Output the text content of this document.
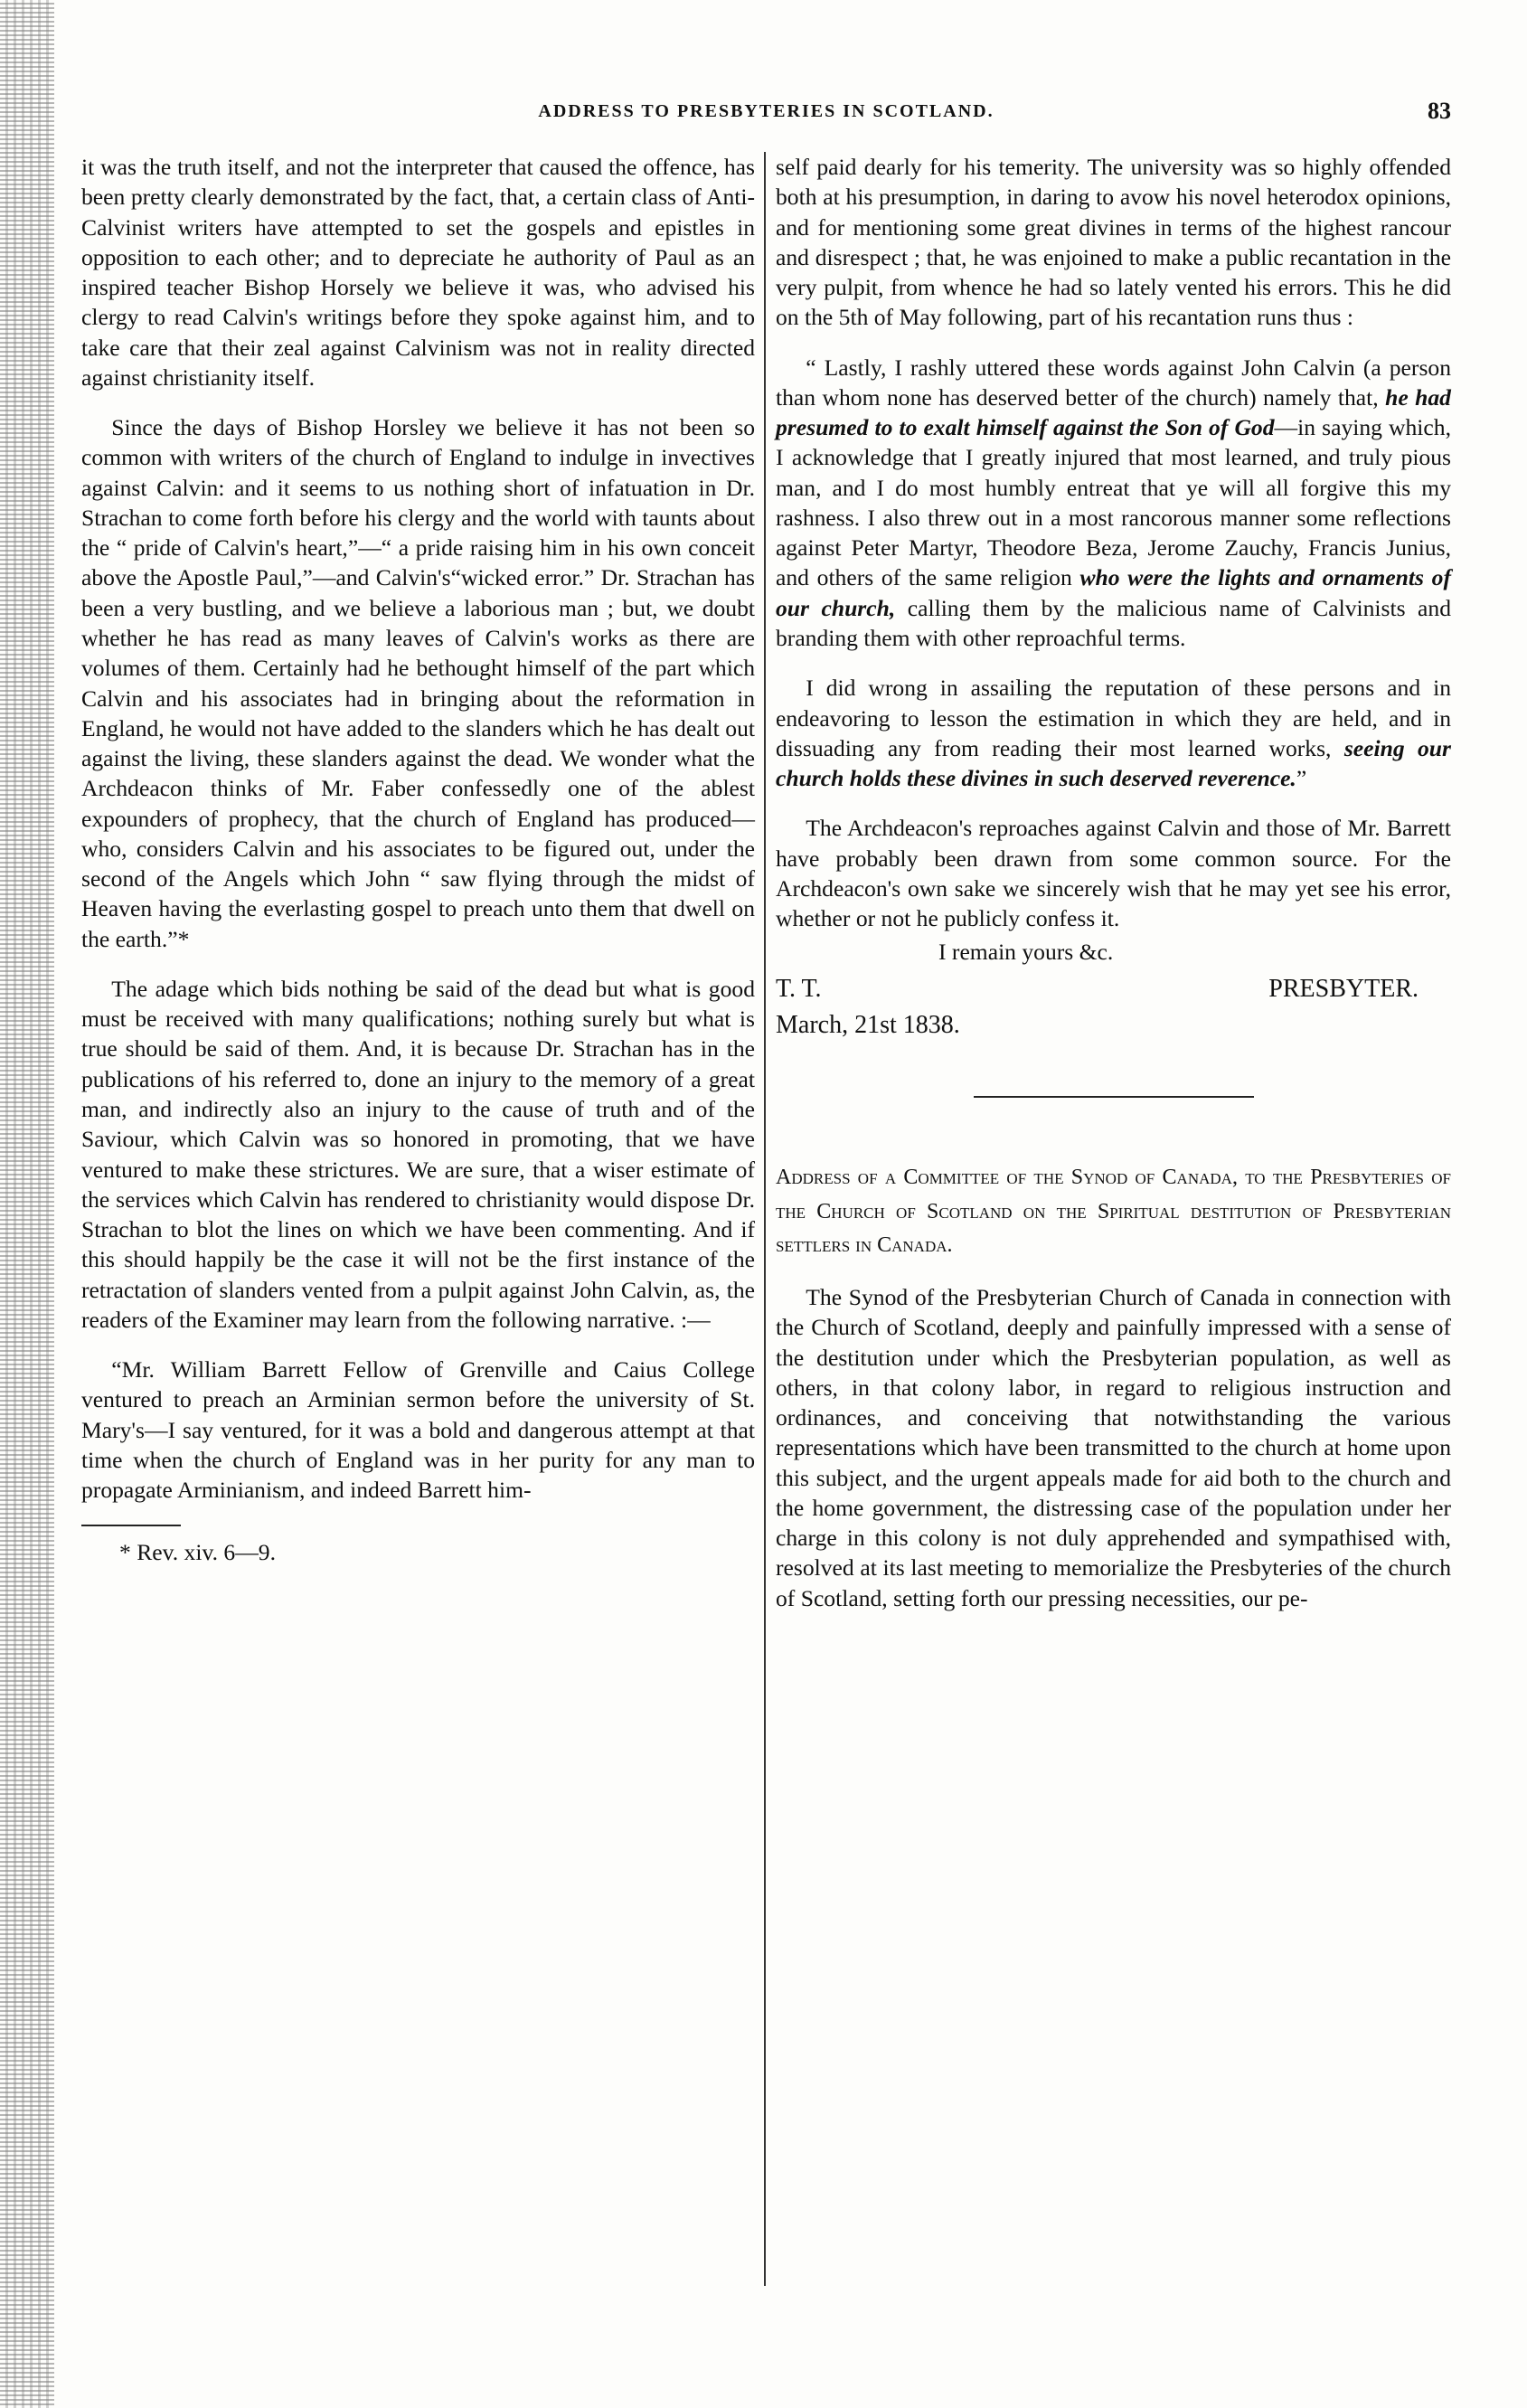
ADDRESS TO PRESBYTERIES IN SCOTLAND.	83

it was the truth itself, and not the interpreter that caused the offence, has been pretty clearly demonstrated by the fact, that, a certain class of Anti-Calvinist writers have attempted to set the gospels and epistles in opposition to each other; and to depreciate he authority of Paul as an inspired teacher Bishop Horsely we believe it was, who advised his clergy to read Calvin's writings before they spoke against him, and to take care that their zeal against Calvinism was not in reality directed against christianity itself.

Since the days of Bishop Horsley we believe it has not been so common with writers of the church of England to indulge in invectives against Calvin: and it seems to us nothing short of infatuation in Dr. Strachan to come forth before his clergy and the world with taunts about the “ pride of Calvin's heart,”—“ a pride raising him in his own conceit above the Apostle Paul,”—and Calvin's“wicked error.” Dr. Strachan has been a very bustling, and we believe a laborious man ; but, we doubt whether he has read as many leaves of Calvin's works as there are volumes of them. Certainly had he bethought himself of the part which Calvin and his associates had in bringing about the reformation in England, he would not have added to the slanders which he has dealt out against the living, these slanders against the dead. We wonder what the Archdeacon thinks of Mr. Faber confessedly one of the ablest expounders of prophecy, that the church of England has produced—who, considers Calvin and his associates to be figured out, under the second of the Angels which John “ saw flying through the midst of Heaven having the everlasting gospel to preach unto them that dwell on the earth.”*

The adage which bids nothing be said of the dead but what is good must be received with many qualifications; nothing surely but what is true should be said of them. And, it is because Dr. Strachan has in the publications of his referred to, done an injury to the memory of a great man, and indirectly also an injury to the cause of truth and of the Saviour, which Calvin was so honored in promoting, that we have ventured to make these strictures. We are sure, that a wiser estimate of the services which Calvin has rendered to christianity would dispose Dr. Strachan to blot the lines on which we have been commenting. And if this should happily be the case it will not be the first instance of the retractation of slanders vented from a pulpit against John Calvin, as, the readers of the Examiner may learn from the following narrative. :—

“Mr. William Barrett Fellow of Grenville and Caius College ventured to preach an Arminian sermon before the university of St. Mary's—I say ventured, for it was a bold and dangerous attempt at that time when the church of England was in her purity for any man to propagate Arminianism, and indeed Barrett him-

* Rev. xiv. 6—9.

self paid dearly for his temerity. The university was so highly offended both at his presumption, in daring to avow his novel heterodox opinions, and for mentioning some great divines in terms of the highest rancour and disrespect ; that, he was enjoined to make a public recantation in the very pulpit, from whence he had so lately vented his errors. This he did on the 5th of May following, part of his recantation runs thus :

“ Lastly, I rashly uttered these words against John Calvin (a person than whom none has deserved better of the church) namely that, he had presumed to to exalt himself against the Son of God—in saying which, I acknowledge that I greatly injured that most learned, and truly pious man, and I do most humbly entreat that ye will all forgive this my rashness. I also threw out in a most rancorous manner some reflections against Peter Martyr, Theodore Beza, Jerome Zauchy, Francis Junius, and others of the same religion who were the lights and ornaments of our church, calling them by the malicious name of Calvinists and branding them with other reproachful terms.

I did wrong in assailing the reputation of these persons and in endeavoring to lesson the estimation in which they are held, and in dissuading any from reading their most learned works, seeing our church holds these divines in such deserved reverence.”

The Archdeacon's reproaches against Calvin and those of Mr. Barrett have probably been drawn from some common source. For the Archdeacon's own sake we sincerely wish that he may yet see his error, whether or not he publicly confess it.

I remain yours &c.

T. T.	PRESBYTER.
March, 21st 1838.

Address of a Committee of the Synod of Canada, to the Presbyteries of the Church of Scotland on the Spiritual destitution of Presbyterian settlers in Canada.

The Synod of the Presbyterian Church of Canada in connection with the Church of Scotland, deeply and painfully impressed with a sense of the destitution under which the Presbyterian population, as well as others, in that colony labor, in regard to religious instruction and ordinances, and conceiving that notwithstanding the various representations which have been transmitted to the church at home upon this subject, and the urgent appeals made for aid both to the church and the home government, the distressing case of the population under her charge in this colony is not duly apprehended and sympathised with, resolved at its last meeting to memorialize the Presbyteries of the church of Scotland, setting forth our pressing necessities, our pe-
